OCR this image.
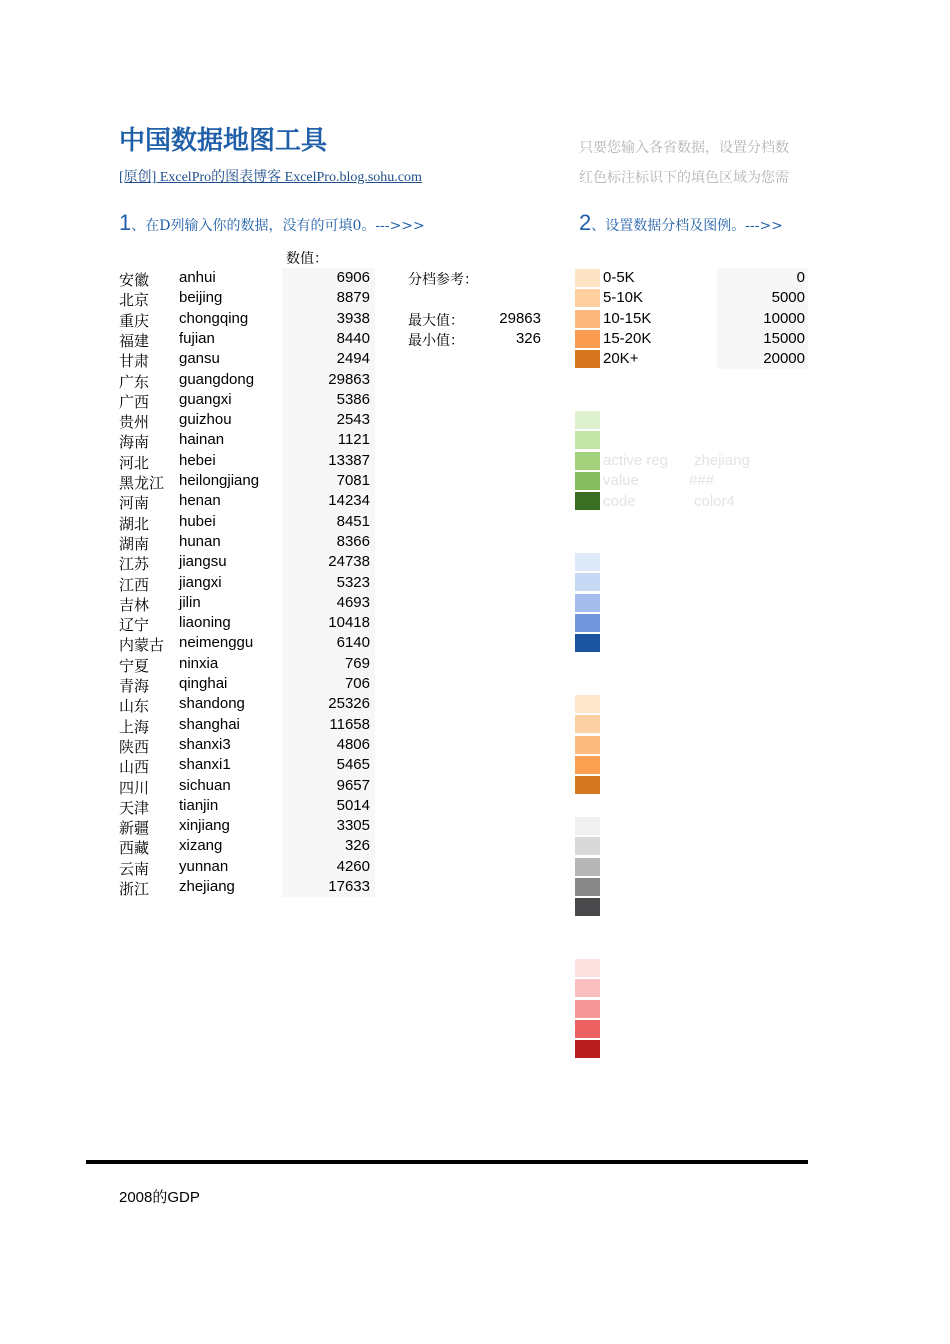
中国数据地图工具
[原创] ExcelPro的图表博客 ExcelPro.blog.sohu.com
只要您输入各省数据，设置分档数
红色标注标识下的填色区域为您需
1、在D列输入你的数据，没有的可填0。--->>>	2、设置数据分档及图例。--->>
数值：
安徽 anhui	6906
北京 beijing	8879
重庆 chongqing	3938
福建 fujian	8440
甘肃 gansu	2494
广东 guangdong	29863
广西 guangxi	5386
贵州 guizhou	2543
海南 hainan	1121
河北 hebei	13387
黑龙江 heilongjiang	7081
河南 henan	14234
湖北 hubei	8451
湖南 hunan	8366
江苏 jiangsu	24738
江西 jiangxi	5323
吉林 jilin	4693
辽宁 liaoning	10418
内蒙古 neimenggu	6140
宁夏 ninxia	769
青海 qinghai	706
山东 shandong	25326
上海 shanghai	11658
陕西 shanxi3	4806
山西 shanxi1	5465
四川 sichuan	9657
天津 tianjin	5014
新疆 xinjiang	3305
西藏 xizang	326
云南 yunnan	4260
浙江 zhejiang	17633
分档参考：
最大值：	29863
最小值：	326
0-5K	0
5-10K	5000
10-15K	10000
15-20K	15000
20K+	20000
active reg zhejiang
value	###
code	color4
2008的GDP
